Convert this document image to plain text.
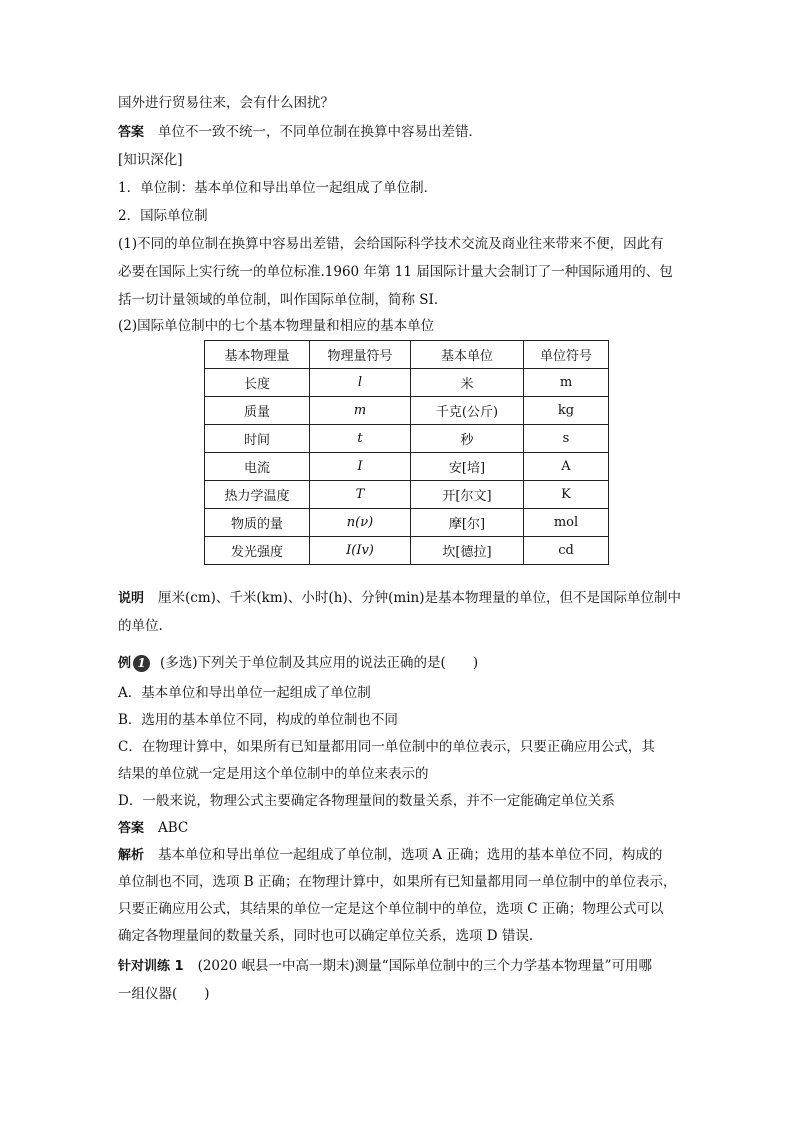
国外进行贸易往来，会有什么困扰？
答案 单位不一致不统一，不同单位制在换算中容易出差错．
[知识深化]
1．单位制：基本单位和导出单位一起组成了单位制．
2．国际单位制
(1)不同的单位制在换算中容易出差错，会给国际科学技术交流及商业往来带来不便，因此有
必要在国际上实行统一的单位标准.1960 年第 11 届国际计量大会制订了一种国际通用的、包
括一切计量领域的单位制，叫作国际单位制，简称 SI.
(2)国际单位制中的七个基本物理量和相应的基本单位
基本物理量	物理量符号	基本单位	单位符号
长度	l	米	m
质量	m	千克(公斤)	kg
时间	t	秒	s
电流	I	安[培]	A
热力学温度	T	开[尔文]	K
物质的量	n(ν)	摩[尔]	mol
发光强度	I(Iv)	坎[德拉]	cd
说明 厘米(cm)、千米(km)、小时(h)、分钟(min)是基本物理量的单位，但不是国际单位制中
的单位.
例 1 (多选)下列关于单位制及其应用的说法正确的是(　　)
A．基本单位和导出单位一起组成了单位制
B．选用的基本单位不同，构成的单位制也不同
C．在物理计算中，如果所有已知量都用同一单位制中的单位表示，只要正确应用公式，其
结果的单位就一定是用这个单位制中的单位来表示的
D．一般来说，物理公式主要确定各物理量间的数量关系，并不一定能确定单位关系
答案 ABC
解析 基本单位和导出单位一起组成了单位制，选项 A 正确；选用的基本单位不同，构成的
单位制也不同，选项 B 正确；在物理计算中，如果所有已知量都用同一单位制中的单位表示，
只要正确应用公式，其结果的单位一定是这个单位制中的单位，选项 C 正确；物理公式可以
确定各物理量间的数量关系，同时也可以确定单位关系，选项 D 错误.
针对训练 1 (2020 岷县一中高一期末)测量“国际单位制中的三个力学基本物理量”可用哪
一组仪器(　　)
